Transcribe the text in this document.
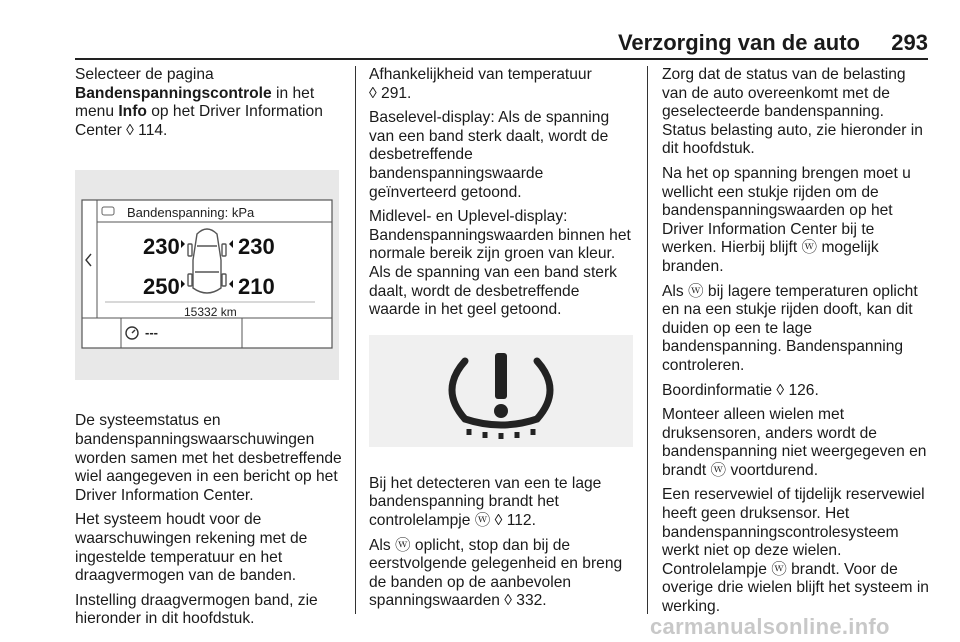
Verzorging van de auto	293
Selecteer de pagina
Bandenspanningscontrole in het menu Info op het Driver Information Center ◊ 114.
Bandenspanning: kPa
230	230
250	210
15332 km
---
De systeemstatus en bandenspanningswaarschuwingen worden samen met het desbetreffende wiel aangegeven in een bericht op het Driver Information Center.
Het systeem houdt voor de waarschuwingen rekening met de ingestelde temperatuur en het draagvermogen van de banden.
Instelling draagvermogen band, zie hieronder in dit hoofdstuk.
Afhankelijkheid van temperatuur
◊ 291.
Baselevel-display: Als de spanning van een band sterk daalt, wordt de desbetreffende bandenspanningswaarde geïnverteerd getoond.
Midlevel- en Uplevel-display: Bandenspanningswaarden binnen het normale bereik zijn groen van kleur. Als de spanning van een band sterk daalt, wordt de desbetreffende waarde in het geel getoond.
Bij het detecteren van een te lage bandenspanning brandt het controlelampje ⓦ ◊ 112.
Als ⓦ oplicht, stop dan bij de eerstvolgende gelegenheid en breng de banden op de aanbevolen spanningswaarden ◊ 332.
Zorg dat de status van de belasting van de auto overeenkomt met de geselecteerde bandenspanning. Status belasting auto, zie hieronder in dit hoofdstuk.
Na het op spanning brengen moet u wellicht een stukje rijden om de bandenspanningswaarden op het Driver Information Center bij te werken. Hierbij blijft ⓦ mogelijk branden.
Als ⓦ bij lagere temperaturen oplicht en na een stukje rijden dooft, kan dit duiden op een te lage bandenspanning. Bandenspanning controleren.
Boordinformatie ◊ 126.
Monteer alleen wielen met druksensoren, anders wordt de bandenspanning niet weergegeven en brandt ⓦ voortdurend.
Een reservewiel of tijdelijk reservewiel heeft geen druksensor. Het bandenspanningscontrolesysteem werkt niet op deze wielen. Controlelampje ⓦ brandt. Voor de overige drie wielen blijft het systeem in werking.
carmanualsonline.info
